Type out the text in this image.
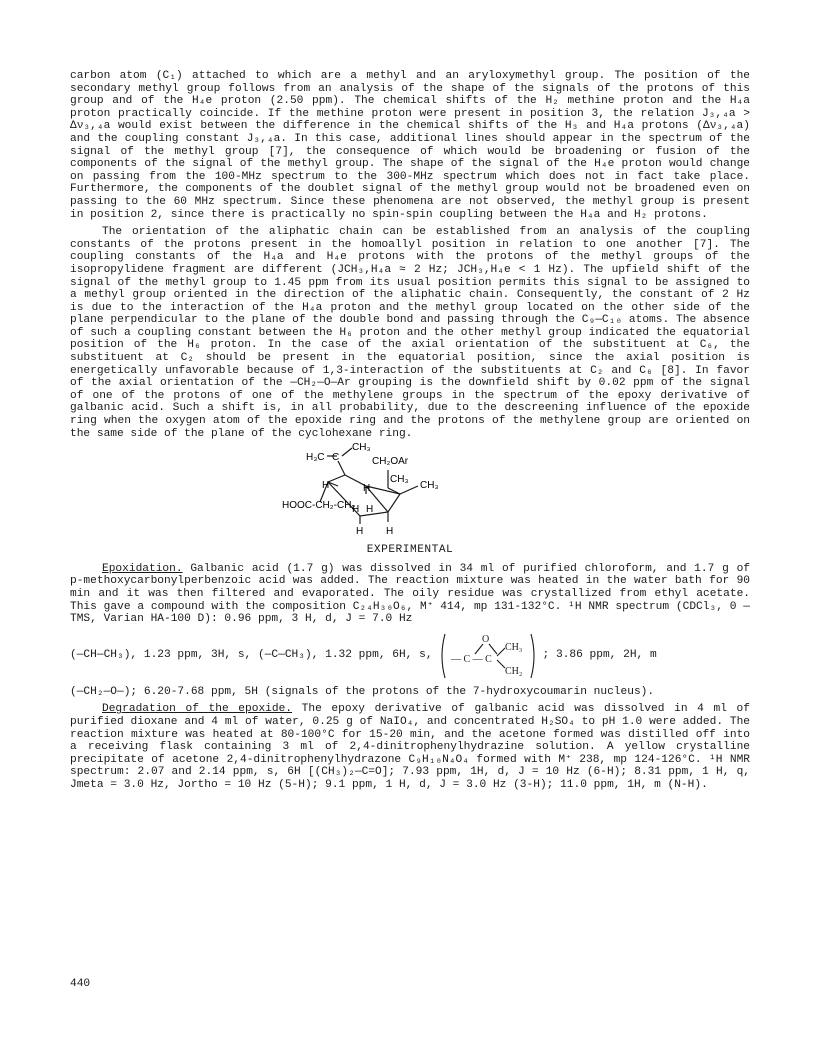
carbon atom (C₁) attached to which are a methyl and an aryloxymethyl group. The position of the secondary methyl group follows from an analysis of the shape of the signals of the protons of this group and of the H₄e proton (2.50 ppm). The chemical shifts of the H₂ methine proton and the H₄a proton practically coincide. If the methine proton were present in position 3, the relation J₃,₄a > Δν₃,₄a would exist between the difference in the chemical shifts of the H₃ and H₄a protons (Δν₃,₄a) and the coupling constant J₃,₄a. In this case, additional lines should appear in the spectrum of the signal of the methyl group [7], the consequence of which would be broadening or fusion of the components of the signal of the methyl group. The shape of the signal of the H₄e proton would change on passing from the 100-MHz spectrum to the 300-MHz spectrum which does not in fact take place. Furthermore, the components of the doublet signal of the methyl group would not be broadened even on passing to the 60 MHz spectrum. Since these phenomena are not observed, the methyl group is present in position 2, since there is practically no spin-spin coupling between the H₄a and H₂ protons.

The orientation of the aliphatic chain can be established from an analysis of the coupling constants of the protons present in the homoallyl position in relation to one another [7]. The coupling constants of the H₄a and H₄e protons with the protons of the methyl groups of the isopropylidene fragment are different (JCH₃,H₄a ≈ 2 Hz; JCH₃,H₄e < 1 Hz). The upfield shift of the signal of the methyl group to 1.45 ppm from its usual position permits this signal to be assigned to a methyl group oriented in the direction of the aliphatic chain. Consequently, the constant of 2 Hz is due to the interaction of the H₄a proton and the methyl group located on the other side of the plane perpendicular to the plane of the double bond and passing through the C₉—C₁₀ atoms. The absence of such a coupling constant between the H₆ proton and the other methyl group indicated the equatorial position of the H₆ proton. In the case of the axial orientation of the substituent at C₆, the substituent at C₂ should be present in the equatorial position, since the axial position is energetically unfavorable because of 1,3-interaction of the substituents at C₂ and C₆ [8]. In favor of the axial orientation of the —CH₂—O—Ar grouping is the downfield shift by 0.02 ppm of the signal of one of the protons of one of the methylene groups in the spectrum of the epoxy derivative of galbanic acid. Such a shift is, in all probability, due to the descreening influence of the epoxide ring when the oxygen atom of the epoxide ring and the protons of the methylene group are oriented on the same side of the plane of the cyclohexane ring.

H₃C C
CH₃
CH₂OAr
CH₃
CH₃
H	H
HOOC-CH₂-CH₂
H H
H H
EXPERIMENTAL

Epoxidation. Galbanic acid (1.7 g) was dissolved in 34 ml of purified chloroform, and 1.7 g of p-methoxycarbonylperbenzoic acid was added. The reaction mixture was heated in the water bath for 90 min and it was then filtered and evaporated. The oily residue was crystallized from ethyl acetate. This gave a compound with the composition C₂₄H₃₀O₆, M⁺ 414, mp 131-132°C. ¹H NMR spectrum (CDCl₃, 0 — TMS, Varian HA-100 D): 0.96 ppm, 3 H, d, J = 7.0 Hz

(—CH—CH₃), 1.23 ppm, 3H, s, (—C—CH₃), 1.32 ppm, 6H, s,
O
— C — C
CH₃
CH₂
; 3.86 ppm, 2H, m

(—CH₂—O—); 6.20-7.68 ppm, 5H (signals of the protons of the 7-hydroxycoumarin nucleus).

Degradation of the epoxide. The epoxy derivative of galbanic acid was dissolved in 4 ml of purified dioxane and 4 ml of water, 0.25 g of NaIO₄, and concentrated H₂SO₄ to pH 1.0 were added. The reaction mixture was heated at 80-100°C for 15-20 min, and the acetone formed was distilled off into a receiving flask containing 3 ml of 2,4-dinitrophenylhydrazine solution. A yellow crystalline precipitate of acetone 2,4-dinitrophenylhydrazone C₉H₁₀N₄O₄ formed with M⁺ 238, mp 124-126°C. ¹H NMR spectrum: 2.07 and 2.14 ppm, s, 6H [(CH₃)₂—C=O]; 7.93 ppm, 1H, d, J = 10 Hz (6-H); 8.31 ppm, 1 H, q, Jmeta = 3.0 Hz, Jortho = 10 Hz (5-H); 9.1 ppm, 1 H, d, J = 3.0 Hz (3-H); 11.0 ppm, 1H, m (N-H).

440
